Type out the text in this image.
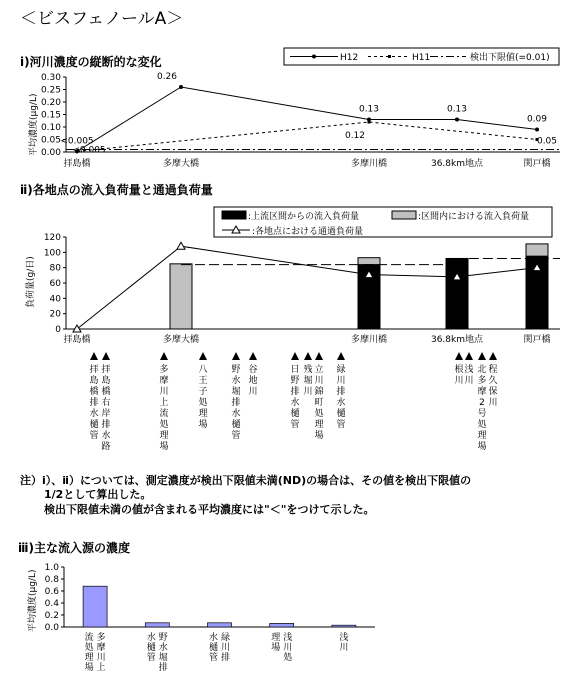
＜ビスフェノールA＞
ⅰ)河川濃度の縦断的な変化
0.00
0.05
0.10
0.15
0.20
0.25
0.30
拝島橋	多摩大橋	多摩川橋	36.8km地点	関戸橋
<0.005
0.26
0.13	0.13
0.09
<0.005
0.12
0.05
H12	H11	検出下限値(=0.01)
平均濃度(μg/L)
ⅱ)各地点の流入負荷量と通過負荷量
0
20
40
60
80
100
120
拝島橋	多摩大橋	多摩川橋	36.8km地点	関戸橋
:上流区間からの流入負荷量	:区間内における流入負荷量
:各地点における通過負荷量
負荷量(g/日)
拝島橋排水樋管
拝島橋右岸排水路
多摩川上流処理場
八王子処理場
野水堀排水樋管
谷地川
日野排水樋管
残堀川
立川錦町処理場
緑川排水樋管
根川
浅川
北多摩 2 号処理場
程久保川
注）ⅰ）、ⅱ）については、測定濃度が検出下限値未満(ND)の場合は、その値を検出下限値の
1/2として算出した。
検出下限値未満の値が含まれる平均濃度には"＜"をつけて示した。
ⅲ)主な流入源の濃度
0.0
0.2
0.4
0.6
0.8
1.0
多摩川上
流処理場
野水堀排
水樋管
緑川排
水樋管
浅川処
理場
浅川
平均濃度(μg/L)
